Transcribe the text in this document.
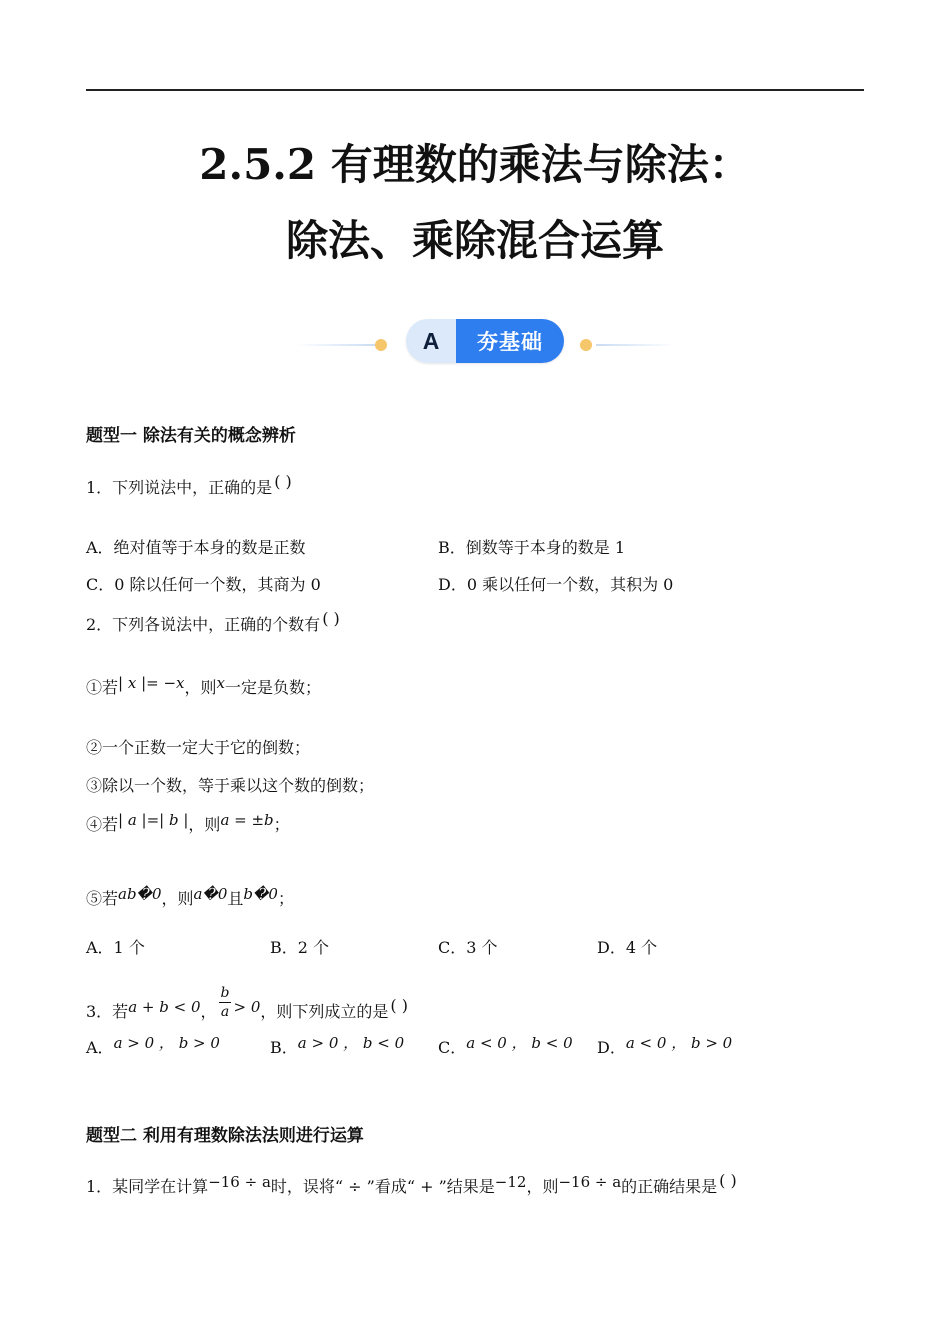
2.5.2 有理数的乘法与除法：
除法、乘除混合运算
A	夯基础
题型一 除法有关的概念辨析
1．下列说法中，正确的是 ( )
A．绝对值等于本身的数是正数	B．倒数等于本身的数是 1
C．0 除以任何一个数，其商为 0	D．0 乘以任何一个数，其积为 0
2．下列各说法中，正确的个数有 ( )
①若| x |= −x，则x一定是负数；
②一个正数一定大于它的倒数；
③除以一个数，等于乘以这个数的倒数；
④若| a |=| b |，则a = ±b；
⑤若ab�0，则a�0且b�0；
A．1 个	B．2 个	C．3 个	D．4 个
3．若a + b < 0， $\frac{b}{a} > 0$，则下列成立的是 ( )
A．a > 0 ， b > 0	B．a > 0 ， b < 0 C．a < 0 ， b < 0 D．a < 0 ， b > 0
题型二 利用有理数除法法则进行运算
1．某同学在计算−16 ÷ a时，误将“ ÷ ”看成“ + ”结果是−12，则−16 ÷ a的正确结果是 ( )
